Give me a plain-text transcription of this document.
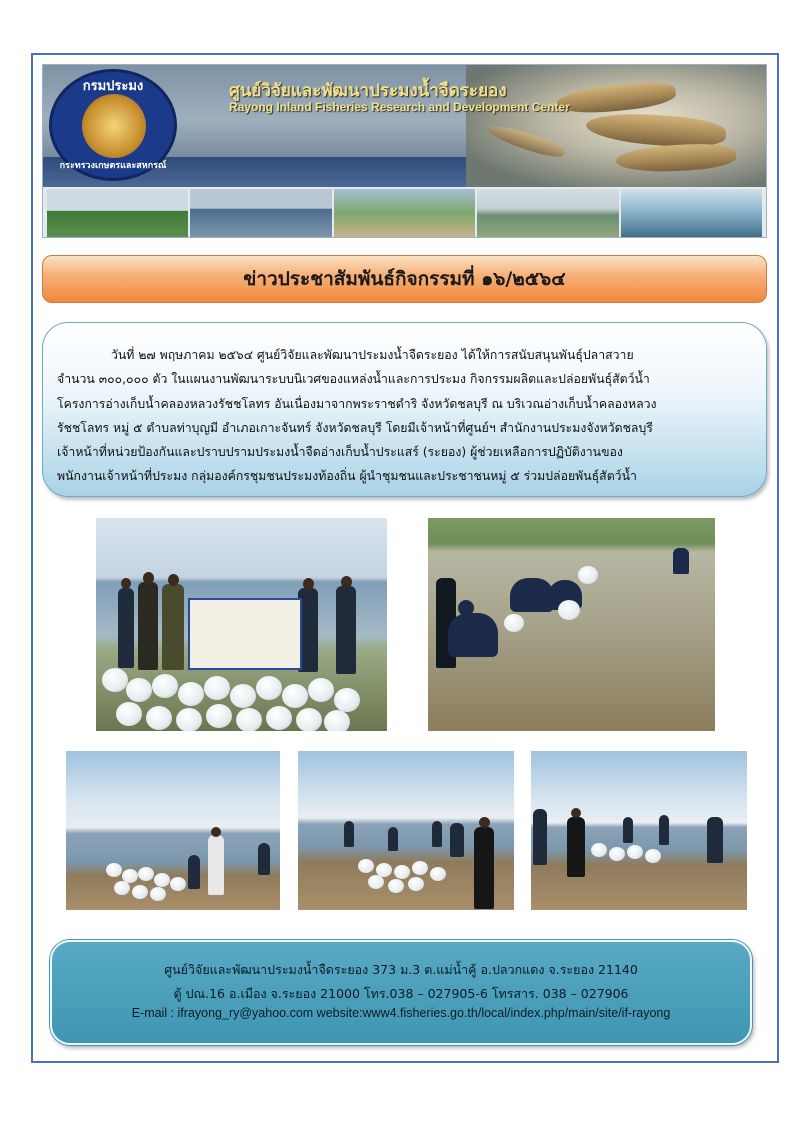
กรมประมง
กระทรวงเกษตรและสหกรณ์
ศูนย์วิจัยและพัฒนาประมงน้ำจืดระยอง
Rayong Inland Fisheries Research and Development Center
ข่าวประชาสัมพันธ์กิจกรรมที่ ๑๖/๒๕๖๔
วันที่ ๒๗ พฤษภาคม ๒๕๖๔ ศูนย์วิจัยและพัฒนาประมงน้ำจืดระยอง ได้ให้การสนับสนุนพันธุ์ปลาสวาย
จำนวน ๓๐๐,๐๐๐ ตัว ในแผนงานพัฒนาระบบนิเวศของแหล่งน้ำและการประมง กิจกรรมผลิตและปล่อยพันธุ์สัตว์น้ำ
โครงการอ่างเก็บน้ำคลองหลวงรัชชโลทร อันเนื่องมาจากพระราชดำริ จังหวัดชลบุรี ณ บริเวณอ่างเก็บน้ำคลองหลวง
รัชชโลทร หมู่ ๕ ตำบลท่าบุญมี อำเภอเกาะจันทร์ จังหวัดชลบุรี โดยมีเจ้าหน้าที่ศูนย์ฯ สำนักงานประมงจังหวัดชลบุรี
เจ้าหน้าที่หน่วยป้องกันและปราบปรามประมงน้ำจืดอ่างเก็บน้ำประแสร์ (ระยอง) ผู้ช่วยเหลือการปฏิบัติงานของ
พนักงานเจ้าหน้าที่ประมง กลุ่มองค์กรชุมชนประมงท้องถิ่น ผู้นำชุมชนและประชาชนหมู่ ๕ ร่วมปล่อยพันธุ์สัตว์น้ำ
ศูนย์วิจัยและพัฒนาประมงน้ำจืดระยอง 373 ม.3 ต.แม่น้ำคู้ อ.ปลวกแดง จ.ระยอง 21140
ตู้ ปณ.16 อ.เมือง จ.ระยอง 21000 โทร.038 – 027905-6 โทรสาร. 038 – 027906
E-mail : ifrayong_ry@yahoo.com website:www4.fisheries.go.th/local/index.php/main/site/if-rayong
